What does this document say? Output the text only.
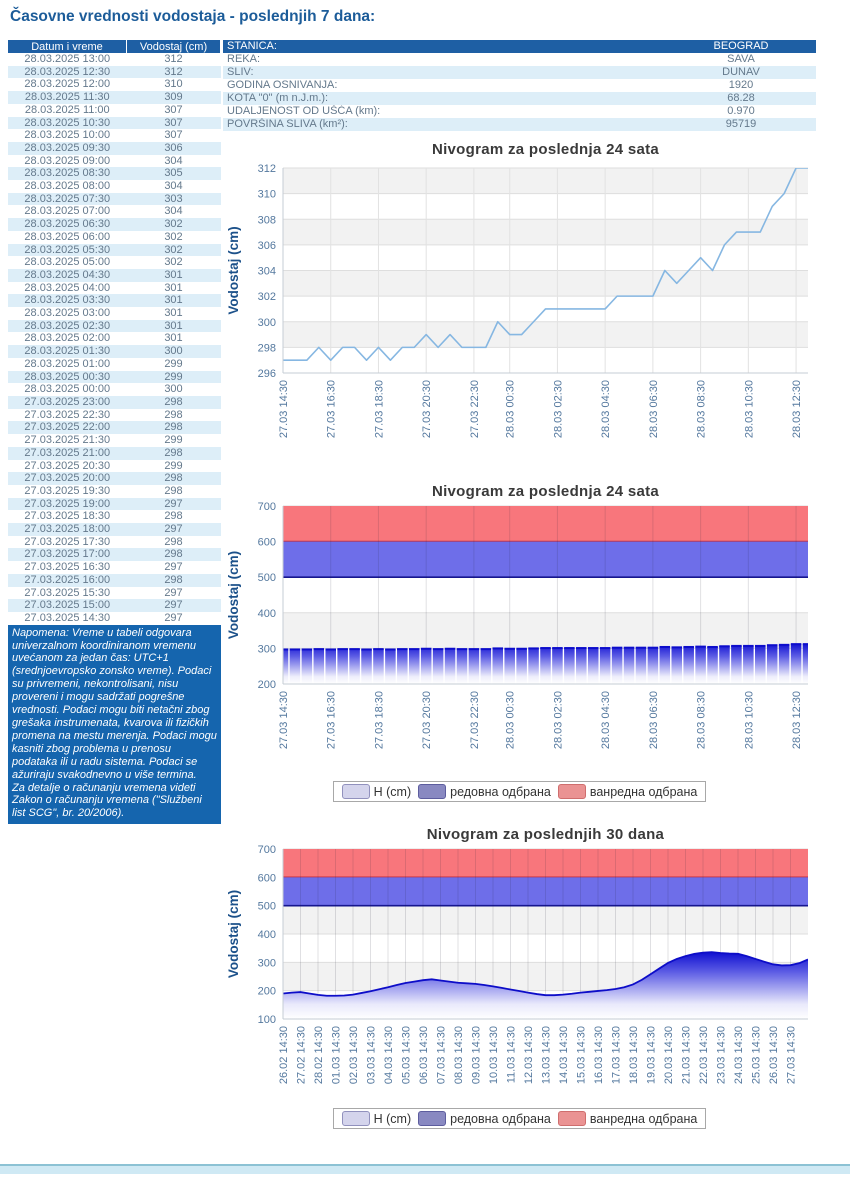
Časovne vrednosti vodostaja - poslednjih 7 dana:
Datum i vreme	Vodostaj (cm)
28.03.2025 13:00	312
28.03.2025 12:30	312
28.03.2025 12:00	310
28.03.2025 11:30	309
28.03.2025 11:00	307
28.03.2025 10:30	307
28.03.2025 10:00	307
28.03.2025 09:30	306
28.03.2025 09:00	304
28.03.2025 08:30	305
28.03.2025 08:00	304
28.03.2025 07:30	303
28.03.2025 07:00	304
28.03.2025 06:30	302
28.03.2025 06:00	302
28.03.2025 05:30	302
28.03.2025 05:00	302
28.03.2025 04:30	301
28.03.2025 04:00	301
28.03.2025 03:30	301
28.03.2025 03:00	301
28.03.2025 02:30	301
28.03.2025 02:00	301
28.03.2025 01:30	300
28.03.2025 01:00	299
28.03.2025 00:30	299
28.03.2025 00:00	300
27.03.2025 23:00	298
27.03.2025 22:30	298
27.03.2025 22:00	298
27.03.2025 21:30	299
27.03.2025 21:00	298
27.03.2025 20:30	299
27.03.2025 20:00	298
27.03.2025 19:30	298
27.03.2025 19:00	297
27.03.2025 18:30	298
27.03.2025 18:00	297
27.03.2025 17:30	298
27.03.2025 17:00	298
27.03.2025 16:30	297
27.03.2025 16:00	298
27.03.2025 15:30	297
27.03.2025 15:00	297
27.03.2025 14:30	297

Napomena: Vreme u tabeli odgovara univerzalnom koordiniranom vremenu uvećanom za jedan čas: UTC+1 (srednjoevropsko zonsko vreme). Podaci su privremeni, nekontrolisani, nisu provereni i mogu sadržati pogrešne vrednosti. Podaci mogu biti netačni zbog grešaka instrumenata, kvarova ili fizičkih promena na mestu merenja. Podaci mogu kasniti zbog problema u prenosu podataka ili u radu sistema. Podaci se ažuriraju svakodnevno u više termina.

Za detalje o računanju vremena videti Zakon o računanju vremena ("Službeni list SCG", br. 20/2006).

STANICA:	BEOGRAD
REKA:	SAVA
SLIV:	DUNAV
GODINA OSNIVANJA:	1920
KOTA "0" (m n.J.m.):	68.28
UDALJENOST OD UŠĆA (km):	0.970
POVRŠINA SLIVA (km²):	95719
Nivogram za poslednja 24 sata
296
298
300
302
304
306
308
310
312
27.03 14:30	27.03 16:30	27.03 18:30	27.03 20:30	27.03 22:30 28.03 00:30	28.03 02:30	28.03 04:30	28.03 06:30	28.03 08:30	28.03 10:30	28.03 12:30
Vodostaj (cm)
Nivogram za poslednja 24 sata
200
300
400
500
600
700
27.03 14:30	27.03 16:30	27.03 18:30	27.03 20:30	27.03 22:30 28.03 00:30	28.03 02:30	28.03 04:30	28.03 06:30	28.03 08:30	28.03 10:30	28.03 12:30
Vodostaj (cm)
H (cm)	редовна одбрана	ванредна одбрана
Nivogram za poslednjih 30 dana
100
200
300
400
500
600
700
26.02 14:30 27.02 14:30 28.02 14:30 01.03 14:30 02.03 14:30 03.03 14:30 04.03 14:30 05.03 14:30 06.03 14:30 07.03 14:30 08.03 14:30 09.03 14:30 10.03 14:30 11.03 14:30 12.03 14:30 13.03 14:30 14.03 14:30 15.03 14:30 16.03 14:30 17.03 14:30 18.03 14:30 19.03 14:30 20.03 14:30 21.03 14:30 22.03 14:30 23.03 14:30 24.03 14:30 25.03 14:30 26.03 14:30 27.03 14:30
Vodostaj (cm)
H (cm)	редовна одбрана	ванредна одбрана
